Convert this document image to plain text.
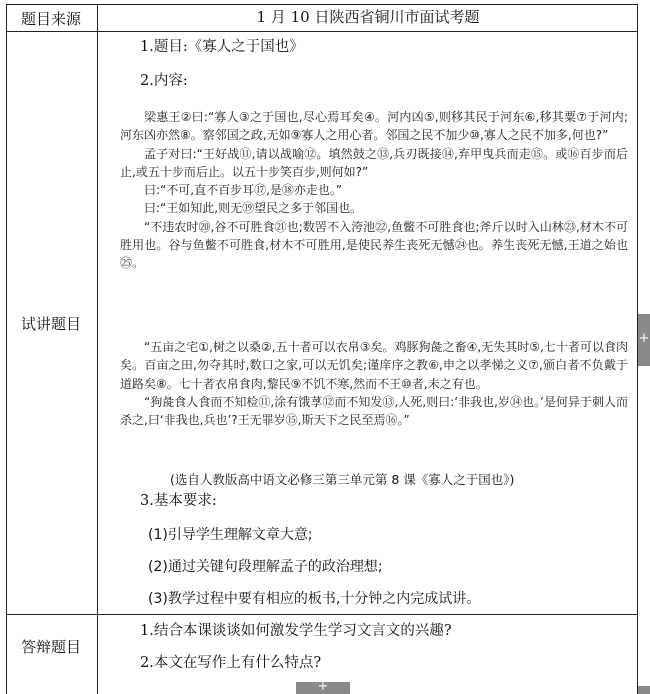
题目来源	1 月 10 日陕西省铜川市面试考题
试讲题目
1.题目:《寡人之于国也》
2.内容:

梁惠王②曰:“寡人③之于国也,尽心焉耳矣④。河内凶⑤,则移其民于河东⑥,移其粟⑦于河内;河东凶亦然⑧。察邻国之政,无如⑨寡人之用心者。邻国之民不加少⑩,寡人之民不加多,何也?”

孟子对曰:“王好战⑪,请以战喻⑫。填然鼓之⑬,兵刃既接⑭,弃甲曳兵而走⑮。或⑯百步而后止,或五十步而后止。以五十步笑百步,则何如?”

曰:“不可,直不百步耳⑰,是⑱亦走也。”

曰:“王如知此,则无⑲望民之多于邻国也。

“不违农时⑳,谷不可胜食㉑也;数罟不入洿池㉒,鱼鳖不可胜食也;斧斤以时入山林㉓,材木不可胜用也。谷与鱼鳖不可胜食,材木不可胜用,是使民养生丧死无憾㉔也。养生丧死无憾,王道之始也㉕。

“五亩之宅①,树之以桑②,五十者可以衣帛③矣。鸡豚狗彘之畜④,无失其时⑤,七十者可以食肉矣。百亩之田,勿夺其时,数口之家,可以无饥矣;谨庠序之教⑥,申之以孝悌之义⑦,颁白者不负戴于道路矣⑧。七十者衣帛食肉,黎民⑨不饥不寒,然而不王⑩者,未之有也。

“狗彘食人食而不知检⑪,涂有饿莩⑫而不知发⑬,人死,则曰:‘非我也,岁⑭也。’是何异于刺人而杀之,曰‘非我也,兵也’?王无罪岁⑮,斯天下之民至焉⑯。”

(选自人教版高中语文必修三第三单元第 8 课《寡人之于国也》)
3.基本要求:
(1)引导学生理解文章大意;
(2)通过关键句段理解孟子的政治理想;
(3)教学过程中要有相应的板书,十分钟之内完成试讲。
答辩题目
1.结合本课谈谈如何激发学生学习文言文的兴趣?
2.本文在写作上有什么特点?
+
+
